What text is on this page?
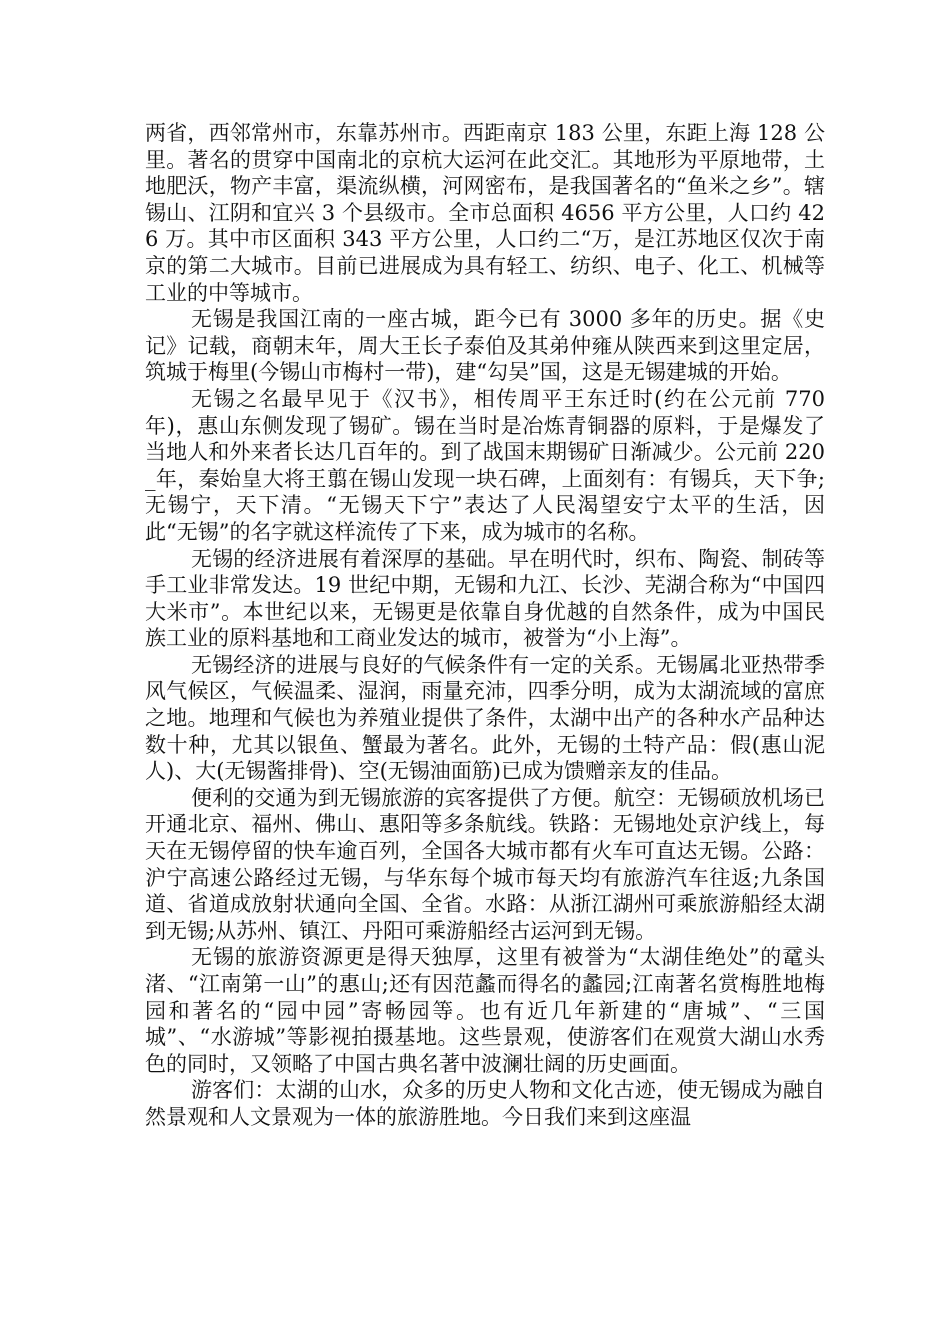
两省，西邻常州市，东靠苏州市。西距南京 183 公里，东距上海 128 公里。著名的贯穿中国南北的京杭大运河在此交汇。其地形为平原地带，土地肥沃，物产丰富，渠流纵横，河网密布，是我国著名的“鱼米之乡”。辖锡山、江阴和宜兴 3 个县级市。全市总面积 4656 平方公里，人口约 426 万。其中市区面积 343 平方公里，人口约二“万，是江苏地区仅次于南京的第二大城市。目前已进展成为具有轻工、纺织、电子、化工、机械等工业的中等城市。

无锡是我国江南的一座古城，距今已有 3000 多年的历史。据《史记》记载，商朝末年，周大王长子泰伯及其弟仲雍从陕西来到这里定居，筑城于梅里(今锡山市梅村一带)，建“勾吴”国，这是无锡建城的开始。

无锡之名最早见于《汉书》，相传周平王东迁时(约在公元前 770 年)，惠山东侧发现了锡矿。锡在当时是冶炼青铜器的原料，于是爆发了当地人和外来者长达几百年的。到了战国末期锡矿日渐减少。公元前 220_年，秦始皇大将王翦在锡山发现一块石碑，上面刻有：有锡兵，天下争;无锡宁，天下清。“无锡天下宁”表达了人民渴望安宁太平的生活，因此“无锡”的名字就这样流传了下来，成为城市的名称。

无锡的经济进展有着深厚的基础。早在明代时，织布、陶瓷、制砖等手工业非常发达。19 世纪中期，无锡和九江、长沙、芜湖合称为“中国四大米市”。本世纪以来，无锡更是依靠自身优越的自然条件，成为中国民族工业的原料基地和工商业发达的城市，被誉为“小上海”。

无锡经济的进展与良好的气候条件有一定的关系。无锡属北亚热带季风气候区，气候温柔、湿润，雨量充沛，四季分明，成为太湖流域的富庶之地。地理和气候也为养殖业提供了条件，太湖中出产的各种水产品种达数十种，尤其以银鱼、蟹最为著名。此外，无锡的土特产品：假(惠山泥人)、大(无锡酱排骨)、空(无锡油面筋)已成为馈赠亲友的佳品。

便利的交通为到无锡旅游的宾客提供了方便。航空：无锡硕放机场已开通北京、福州、佛山、惠阳等多条航线。铁路：无锡地处京沪线上，每天在无锡停留的快车逾百列，全国各大城市都有火车可直达无锡。公路：沪宁高速公路经过无锡，与华东每个城市每天均有旅游汽车往返;九条国道、省道成放射状通向全国、全省。水路：从浙江湖州可乘旅游船经太湖到无锡;从苏州、镇江、丹阳可乘游船经古运河到无锡。

无锡的旅游资源更是得天独厚，这里有被誉为“太湖佳绝处”的鼋头渚、“江南第一山”的惠山;还有因范蠡而得名的蠡园;江南著名赏梅胜地梅园和著名的“园中园”寄畅园等。也有近几年新建的“唐城”、“三国城”、“水游城”等影视拍摄基地。这些景观，使游客们在观赏大湖山水秀色的同时，又领略了中国古典名著中波澜壮阔的历史画面。

游客们：太湖的山水，众多的历史人物和文化古迹，使无锡成为融自然景观和人文景观为一体的旅游胜地。今日我们来到这座温
